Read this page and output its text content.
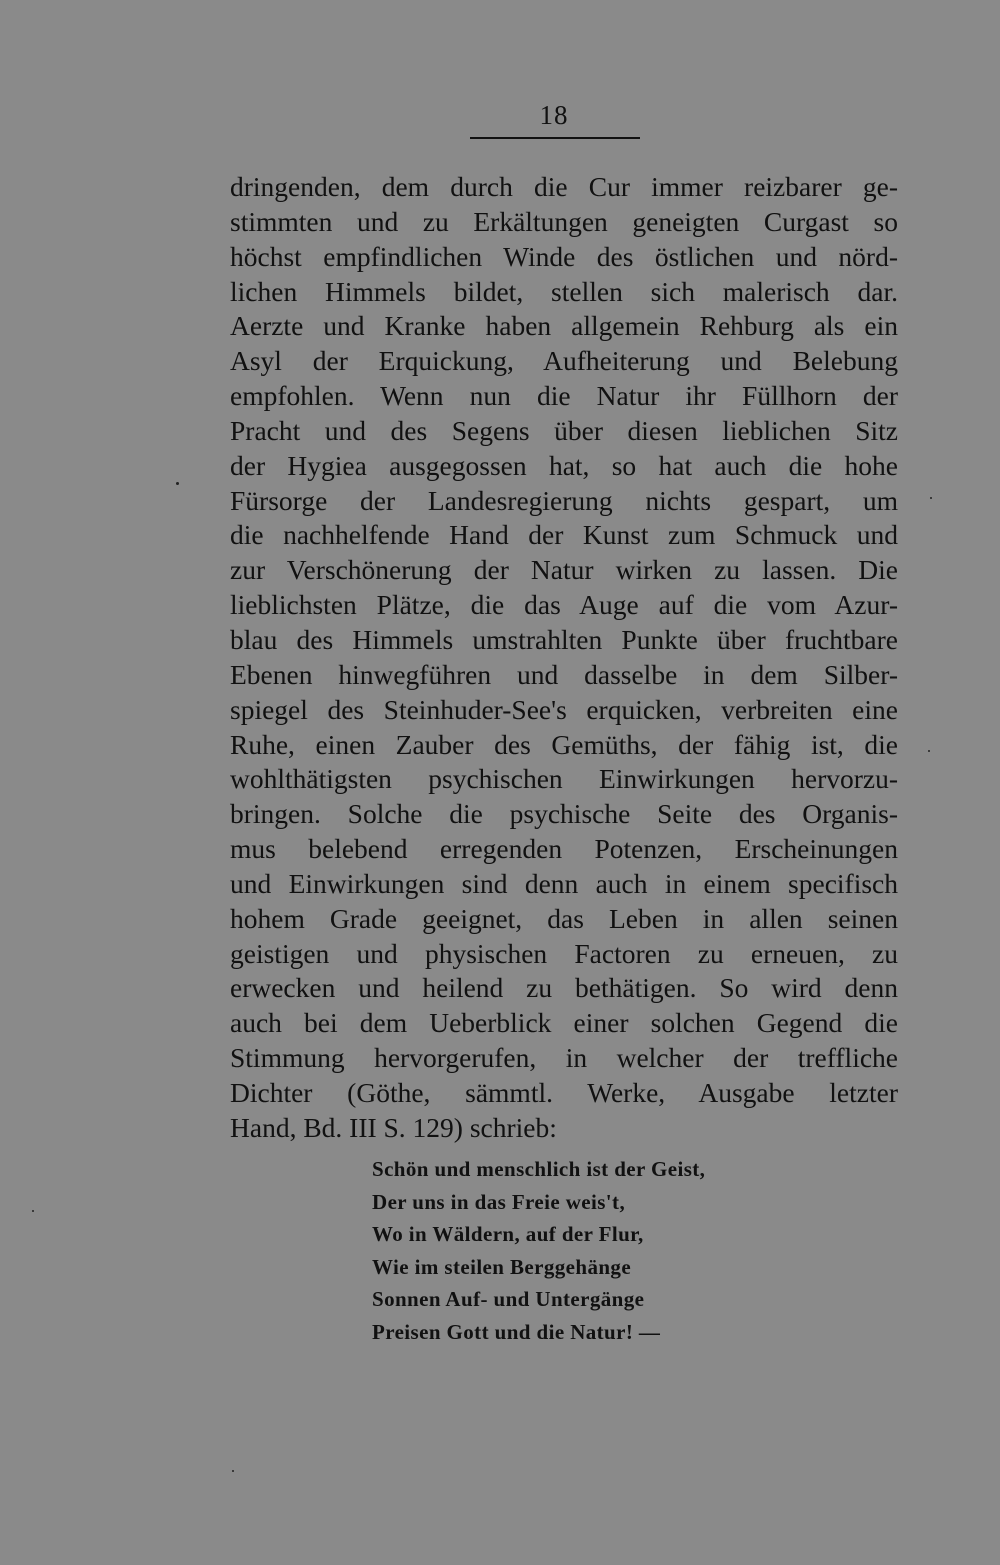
18

dringenden, dem durch die Cur immer reizbarer ge-
stimmten und zu Erkältungen geneigten Curgast so
höchst empfindlichen Winde des östlichen und nörd-
lichen Himmels bildet, stellen sich malerisch dar.
Aerzte und Kranke haben allgemein Rehburg als ein
Asyl der Erquickung, Aufheiterung und Belebung
empfohlen. Wenn nun die Natur ihr Füllhorn der
Pracht und des Segens über diesen lieblichen Sitz
der Hygiea ausgegossen hat, so hat auch die hohe
Fürsorge der Landesregierung nichts gespart, um
die nachhelfende Hand der Kunst zum Schmuck und
zur Verschönerung der Natur wirken zu lassen. Die
lieblichsten Plätze, die das Auge auf die vom Azur-
blau des Himmels umstrahlten Punkte über fruchtbare
Ebenen hinwegführen und dasselbe in dem Silber-
spiegel des Steinhuder-See's erquicken, verbreiten eine
Ruhe, einen Zauber des Gemüths, der fähig ist, die
wohlthätigsten psychischen Einwirkungen hervorzu-
bringen. Solche die psychische Seite des Organis-
mus belebend erregenden Potenzen, Erscheinungen
und Einwirkungen sind denn auch in einem specifisch
hohem Grade geeignet, das Leben in allen seinen
geistigen und physischen Factoren zu erneuen, zu
erwecken und heilend zu bethätigen. So wird denn
auch bei dem Ueberblick einer solchen Gegend die
Stimmung hervorgerufen, in welcher der treffliche
Dichter (Göthe, sämmtl. Werke, Ausgabe letzter
Hand, Bd. III S. 129) schrieb:

Schön und menschlich ist der Geist,
Der uns in das Freie weis't,
Wo in Wäldern, auf der Flur,
Wie im steilen Berggehänge
Sonnen Auf- und Untergänge
Preisen Gott und die Natur! —
